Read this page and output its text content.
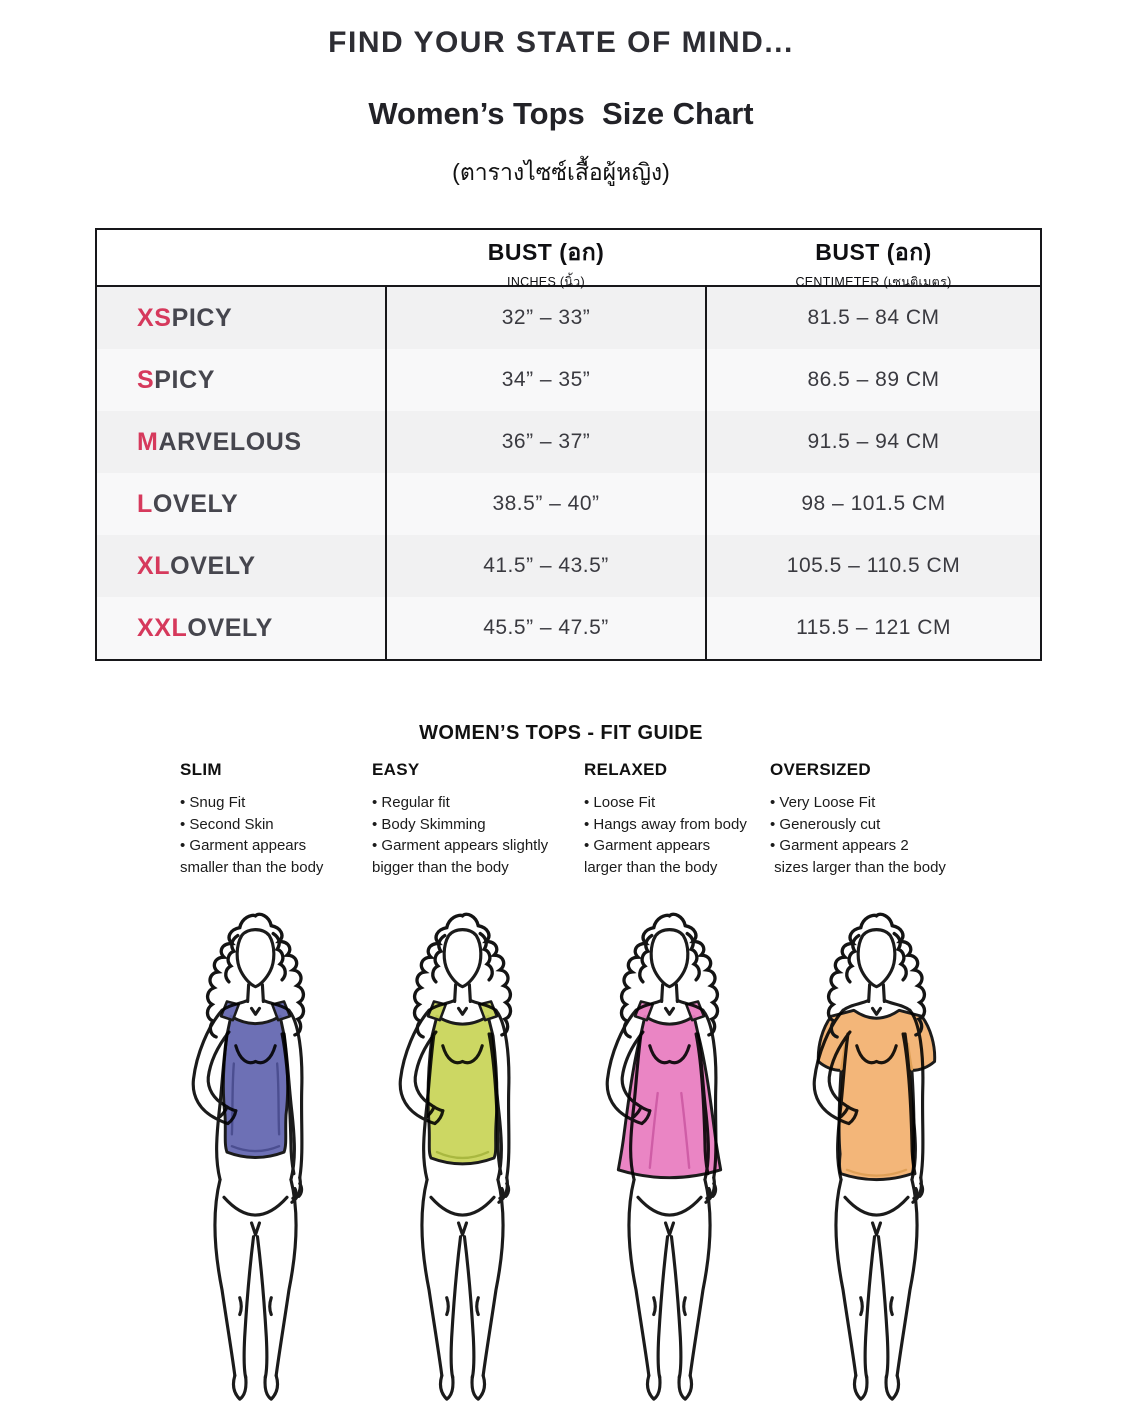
FIND YOUR STATE OF MIND...
Women’s Tops  Size Chart
(ตารางไซซ์เสื้อผู้หญิง)
BUST (อก)
INCHES (นิ้ว)
BUST (อก)
CENTIMETER (เซนติเมตร)
XS PICY	32” – 33”	81.5 – 84 CM
S PICY	34” – 35”	86.5 – 89 CM
M ARVELOUS	36” – 37”	91.5 – 94 CM
L OVELY	38.5” – 40”	98 – 101.5 CM
XL OVELY	41.5” – 43.5”	105.5 – 110.5 CM
XXL OVELY	45.5” – 47.5”	115.5 – 121 CM
WOMEN’S TOPS - FIT GUIDE
SLIM
• Snug Fit
• Second Skin
• Garment appears
smaller than the body
EASY
• Regular fit
• Body Skimming
• Garment appears slightly
bigger than the body
RELAXED
• Loose Fit
• Hangs away from body
• Garment appears
larger than the body
OVERSIZED
• Very Loose Fit
• Generously cut
• Garment appears 2
sizes larger than the body
